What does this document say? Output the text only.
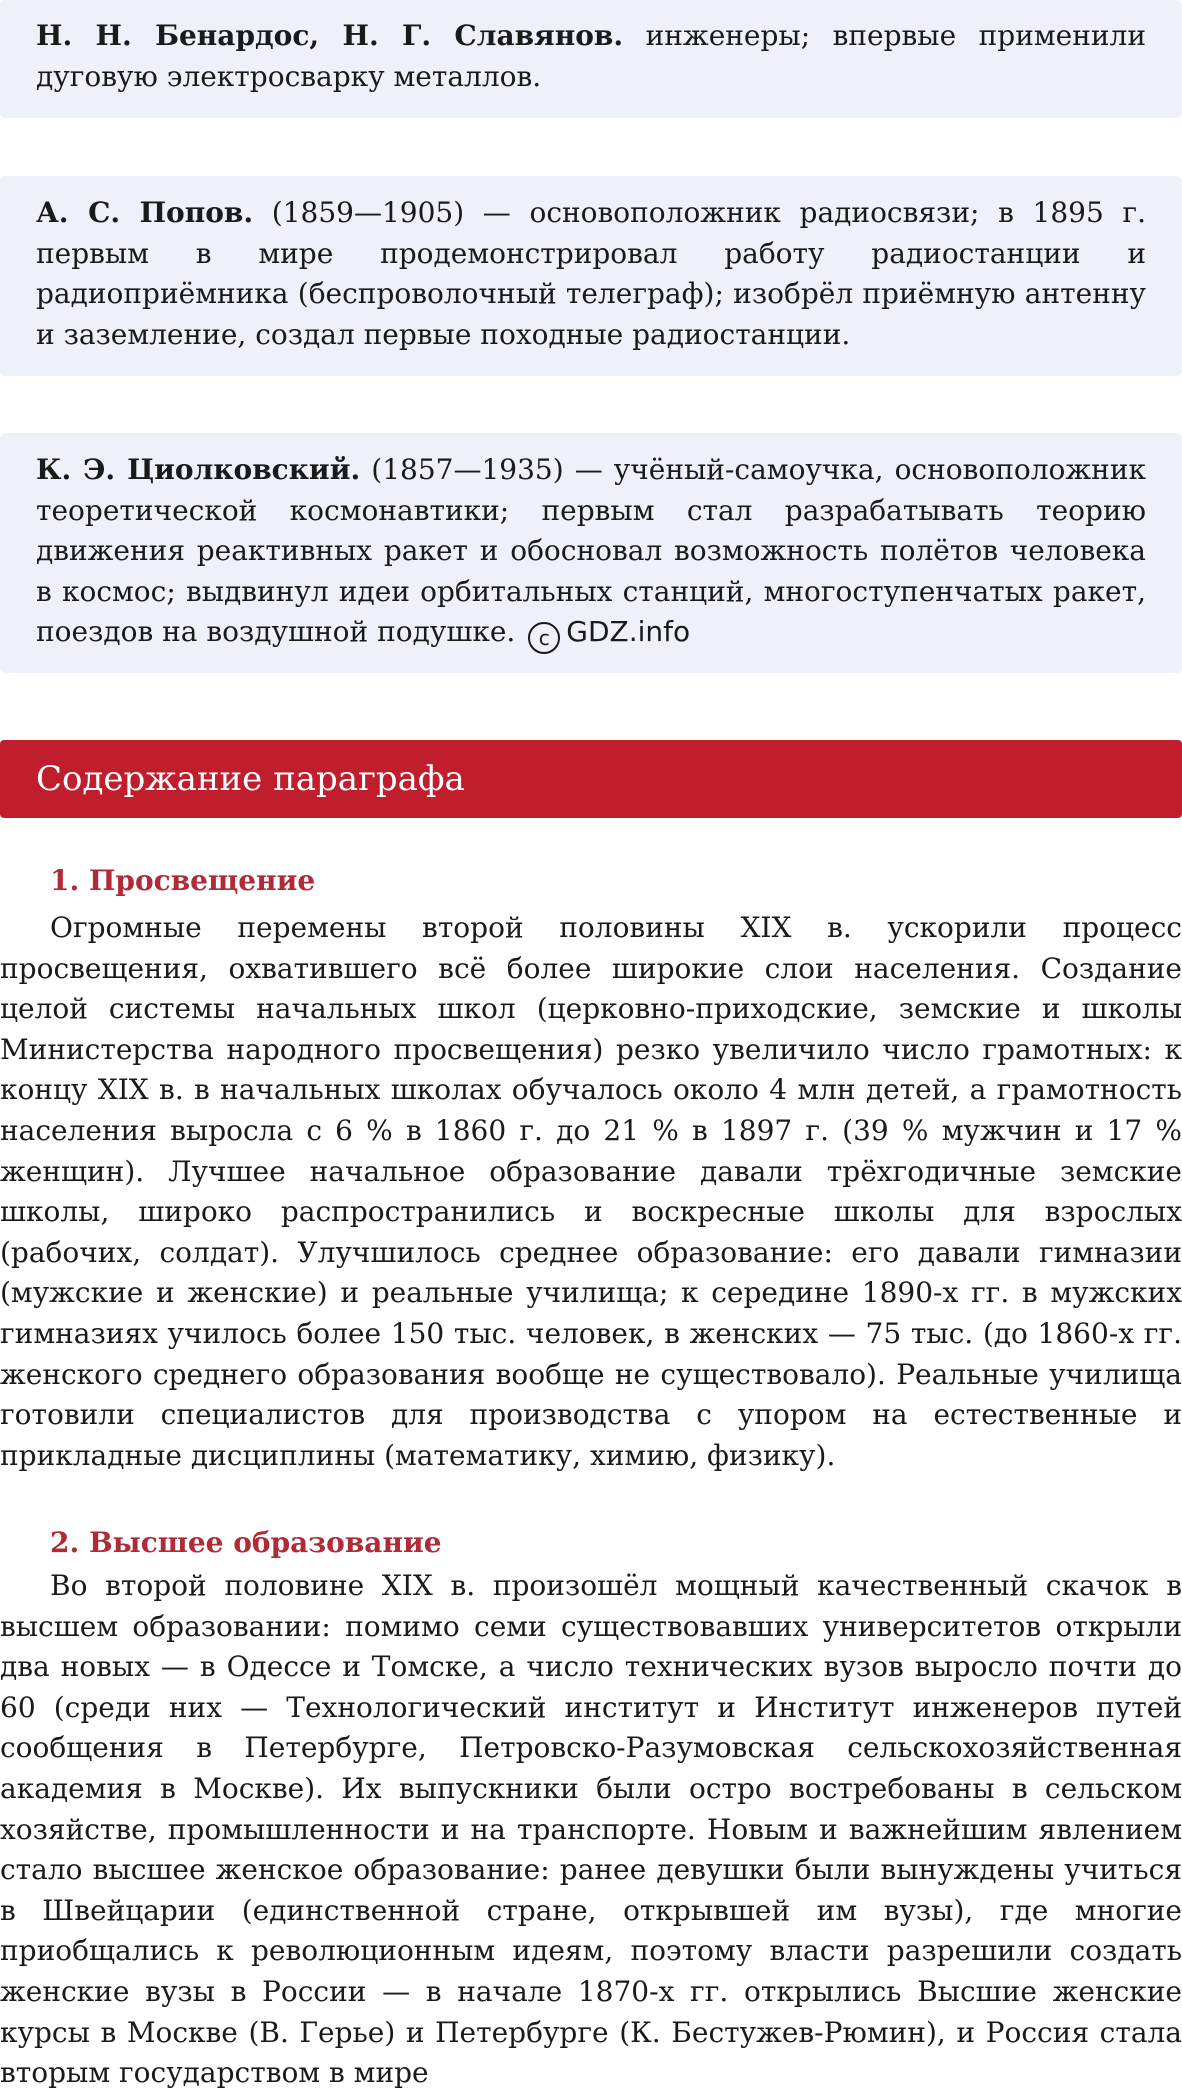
Н. Н. Бенардос, Н. Г. Славянов. инженеры; впервые применили дуговую электросварку металлов.
А. С. Попов. (1859—1905) — основоположник радиосвязи; в 1895 г. первым в мире продемонстрировал работу радиостанции и радиоприёмника (беспроволочный телеграф); изобрёл приёмную антенну и заземление, создал первые походные радиостанции.
К. Э. Циолковский. (1857—1935) — учёный-самоучка, основоположник теоретической космонавтики; первым стал разрабатывать теорию движения реактивных ракет и обосновал возможность полётов человека в космос; выдвинул идеи орбитальных станций, многоступенчатых ракет, поездов на воздушной подушке. c GDZ.info
Содержание параграфа
1. Просвещение
Огромные перемены второй половины XIX в. ускорили процесс просвещения, охватившего всё более широкие слои населения. Создание целой системы начальных школ (церковно-приходские, земские и школы Министерства народного просвещения) резко увеличило число грамотных: к концу XIX в. в начальных школах обучалось около 4 млн детей, а грамотность населения выросла с 6 % в 1860 г. до 21 % в 1897 г. (39 % мужчин и 17 % женщин). Лучшее начальное образование давали трёхгодичные земские школы, широко распространились и воскресные школы для взрослых (рабочих, солдат). Улучшилось среднее образование: его давали гимназии (мужские и женские) и реальные училища; к середине 1890-х гг. в мужских гимназиях училось более 150 тыс. человек, в женских — 75 тыс. (до 1860-х гг. женского среднего образования вообще не существовало). Реальные училища готовили специалистов для производства с упором на естественные и прикладные дисциплины (математику, химию, физику).
2. Высшее образование
Во второй половине XIX в. произошёл мощный качественный скачок в высшем образовании: помимо семи существовавших университетов открыли два новых — в Одессе и Томске, а число технических вузов выросло почти до 60 (среди них — Технологический институт и Институт инженеров путей сообщения в Петербурге, Петровско-Разумовская сельскохозяйственная академия в Москве). Их выпускники были остро востребованы в сельском хозяйстве, промышленности и на транспорте. Новым и важнейшим явлением стало высшее женское образование: ранее девушки были вынуждены учиться в Швейцарии (единственной стране, открывшей им вузы), где многие приобщались к революционным идеям, поэтому власти разрешили создать женские вузы в России — в начале 1870-х гг. открылись Высшие женские курсы в Москве (В. Герье) и Петербурге (К. Бестужев-Рюмин), и Россия стала вторым государством в мире
